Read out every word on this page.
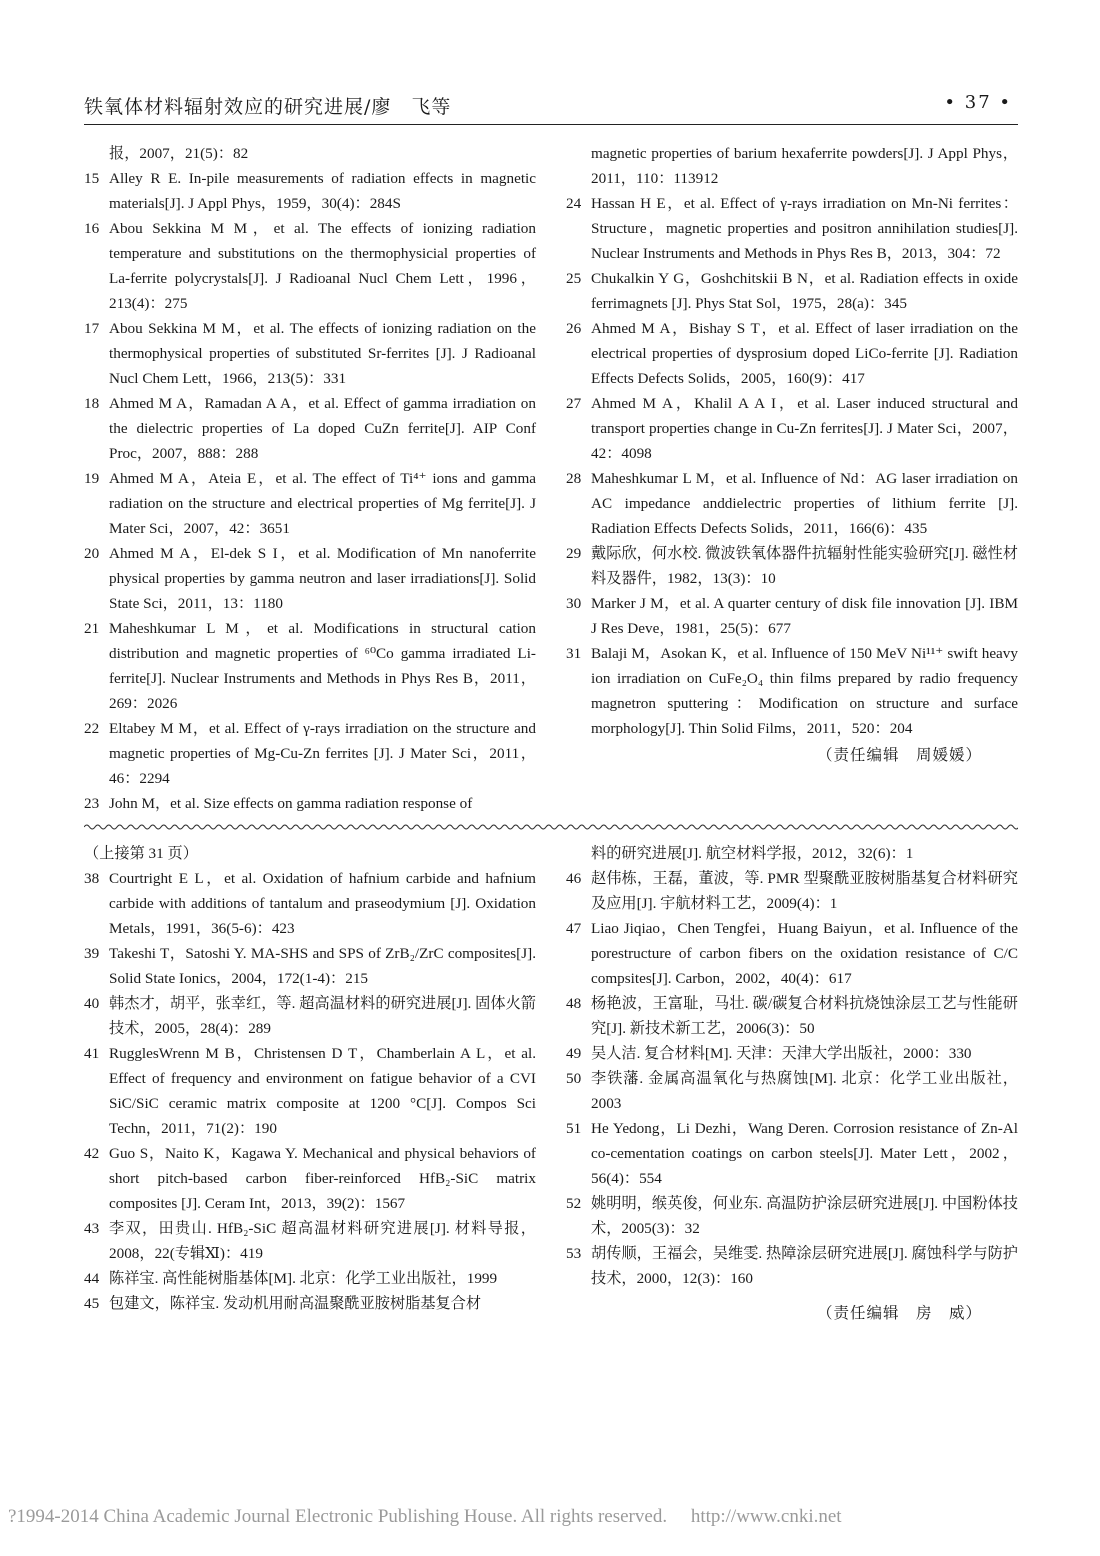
铁氧体材料辐射效应的研究进展/廖　飞等	• 37 •
报，2007，21(5)：82
15 Alley R E. In-pile measurements of radiation effects in magnetic materials[J]. J Appl Phys，1959，30(4)：284S
16 Abou Sekkina M M，et al. The effects of ionizing radiation temperature and substitutions on the thermophysicial properties of La-ferrite polycrystals[J]. J Radioanal Nucl Chem Lett，1996，213(4)：275
17 Abou Sekkina M M，et al. The effects of ionizing radiation on the thermophysical properties of substituted Sr-ferrites [J]. J Radioanal Nucl Chem Lett，1966，213(5)：331
18 Ahmed M A，Ramadan A A，et al. Effect of gamma irradiation on the dielectric properties of La doped CuZn ferrite[J]. AIP Conf Proc，2007，888：288
19 Ahmed M A，Ateia E，et al. The effect of Ti⁴⁺ ions and gamma radiation on the structure and electrical properties of Mg ferrite[J]. J Mater Sci，2007，42：3651
20 Ahmed M A，El-dek S I，et al. Modification of Mn nanoferrite physical properties by gamma neutron and laser irradiations[J]. Solid State Sci，2011，13：1180
21 Maheshkumar L M，et al. Modifications in structural cation distribution and magnetic properties of ⁶⁰Co gamma irradiated Li-ferrite[J]. Nuclear Instruments and Methods in Phys Res B，2011，269：2026
22 Eltabey M M，et al. Effect of γ-rays irradiation on the structure and magnetic properties of Mg-Cu-Zn ferrites [J]. J Mater Sci，2011，46：2294
23 John M，et al. Size effects on gamma radiation response of
magnetic properties of barium hexaferrite powders[J]. J Appl Phys，2011，110：113912
24 Hassan H E，et al. Effect of γ-rays irradiation on Mn-Ni ferrites：Structure，magnetic properties and positron annihilation studies[J]. Nuclear Instruments and Methods in Phys Res B，2013，304：72
25 Chukalkin Y G，Goshchitskii B N，et al. Radiation effects in oxide ferrimagnets [J]. Phys Stat Sol，1975，28(a)：345
26 Ahmed M A，Bishay S T，et al. Effect of laser irradiation on the electrical properties of dysprosium doped LiCo-ferrite [J]. Radiation Effects Defects Solids，2005，160(9)：417
27 Ahmed M A，Khalil A A I，et al. Laser induced structural and transport properties change in Cu-Zn ferrites[J]. J Mater Sci，2007，42：4098
28 Maheshkumar L M，et al. Influence of Nd：AG laser irradiation on AC impedance anddielectric properties of lithium ferrite [J]. Radiation Effects Defects Solids，2011，166(6)：435
29 戴际欣，何水校. 微波铁氧体器件抗辐射性能实验研究[J]. 磁性材料及器件，1982，13(3)：10
30 Marker J M，et al. A quarter century of disk file innovation [J]. IBM J Res Deve，1981，25(5)：677
31 Balaji M，Asokan K，et al. Influence of 150 MeV Ni¹¹⁺ swift heavy ion irradiation on CuFe₂O₄ thin films prepared by radio frequency magnetron sputtering：Modification on structure and surface morphology[J]. Thin Solid Films，2011，520：204
（责任编辑　周媛媛）
（上接第 31 页）
38 Courtright E L，et al. Oxidation of hafnium carbide and hafnium carbide with additions of tantalum and praseodymium [J]. Oxidation Metals，1991，36(5-6)：423
39 Takeshi T，Satoshi Y. MA-SHS and SPS of ZrB₂/ZrC composites[J]. Solid State Ionics，2004，172(1-4)：215
40 韩杰才，胡平，张幸红，等. 超高温材料的研究进展[J]. 固体火箭技术，2005，28(4)：289
41 RugglesWrenn M B，Christensen D T，Chamberlain A L，et al. Effect of frequency and environment on fatigue behavior of a CVI SiC/SiC ceramic matrix composite at 1200 °C[J]. Compos Sci Techn，2011，71(2)：190
42 Guo S，Naito K，Kagawa Y. Mechanical and physical behaviors of short pitch-based carbon fiber-reinforced HfB₂-SiC matrix composites [J]. Ceram Int，2013，39(2)：1567
43 李双，田贵山. HfB₂-SiC 超高温材料研究进展[J]. 材料导报，2008，22(专辑Ⅺ)：419
44 陈祥宝. 高性能树脂基体[M]. 北京：化学工业出版社，1999
45 包建文，陈祥宝. 发动机用耐高温聚酰亚胺树脂基复合材
料的研究进展[J]. 航空材料学报，2012，32(6)：1
46 赵伟栋，王磊，董波，等. PMR 型聚酰亚胺树脂基复合材料研究及应用[J]. 宇航材料工艺，2009(4)：1
47 Liao Jiqiao，Chen Tengfei，Huang Baiyun，et al. Influence of the porestructure of carbon fibers on the oxidation resistance of C/C compsites[J]. Carbon，2002，40(4)：617
48 杨艳波，王富耻，马壮. 碳/碳复合材料抗烧蚀涂层工艺与性能研究[J]. 新技术新工艺，2006(3)：50
49 吴人洁. 复合材料[M]. 天津：天津大学出版社，2000：330
50 李铁藩. 金属高温氧化与热腐蚀[M]. 北京：化学工业出版社，2003
51 He Yedong，Li Dezhi，Wang Deren. Corrosion resistance of Zn-Al co-cementation coatings on carbon steels[J]. Mater Lett，2002，56(4)：554
52 姚明明，缑英俊，何业东. 高温防护涂层研究进展[J]. 中国粉体技术，2005(3)：32
53 胡传顺，王福会，吴维雯. 热障涂层研究进展[J]. 腐蚀科学与防护技术，2000，12(3)：160
（责任编辑　房　威）
?1994-2014 China Academic Journal Electronic Publishing House. All rights reserved.　 http://www.cnki.net
